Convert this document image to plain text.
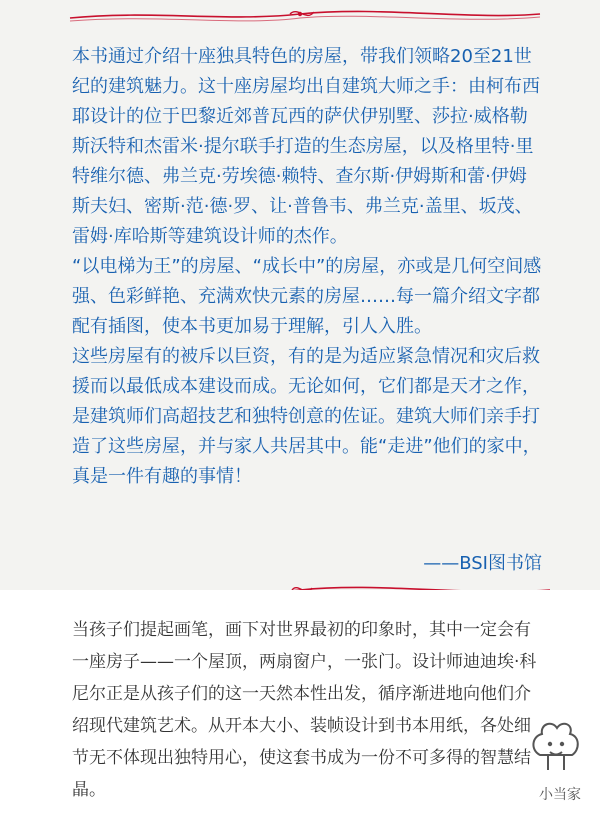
本书通过介绍十座独具特色的房屋，带我们领略20至21世纪的建筑魅力。这十座房屋均出自建筑大师之手：由柯布西耶设计的位于巴黎近郊普瓦西的萨伏伊别墅、莎拉·威格勒斯沃特和杰雷米·提尔联手打造的生态房屋，以及格里特·里特维尔德、弗兰克·劳埃德·赖特、查尔斯·伊姆斯和蕾·伊姆斯夫妇、密斯·范·德·罗、让·普鲁韦、弗兰克·盖里、坂茂、雷姆·库哈斯等建筑设计师的杰作。

“以电梯为王”的房屋、“成长中”的房屋，亦或是几何空间感强、色彩鲜艳、充满欢快元素的房屋……每一篇介绍文字都配有插图，使本书更加易于理解，引人入胜。

这些房屋有的被斥以巨资，有的是为适应紧急情况和灾后救援而以最低成本建设而成。无论如何，它们都是天才之作，是建筑师们高超技艺和独特创意的佐证。建筑大师们亲手打造了这些房屋，并与家人共居其中。能“走进”他们的家中，真是一件有趣的事情！

——BSI图书馆

当孩子们提起画笔，画下对世界最初的印象时，其中一定会有一座房子——一个屋顶，两扇窗户，一张门。设计师迪迪埃·科尼尔正是从孩子们的这一天然本性出发，循序渐进地向他们介绍现代建筑艺术。从开本大小、装帧设计到书本用纸，各处细节无不体现出独特用心，使这套书成为一份不可多得的智慧结晶。	小当家
